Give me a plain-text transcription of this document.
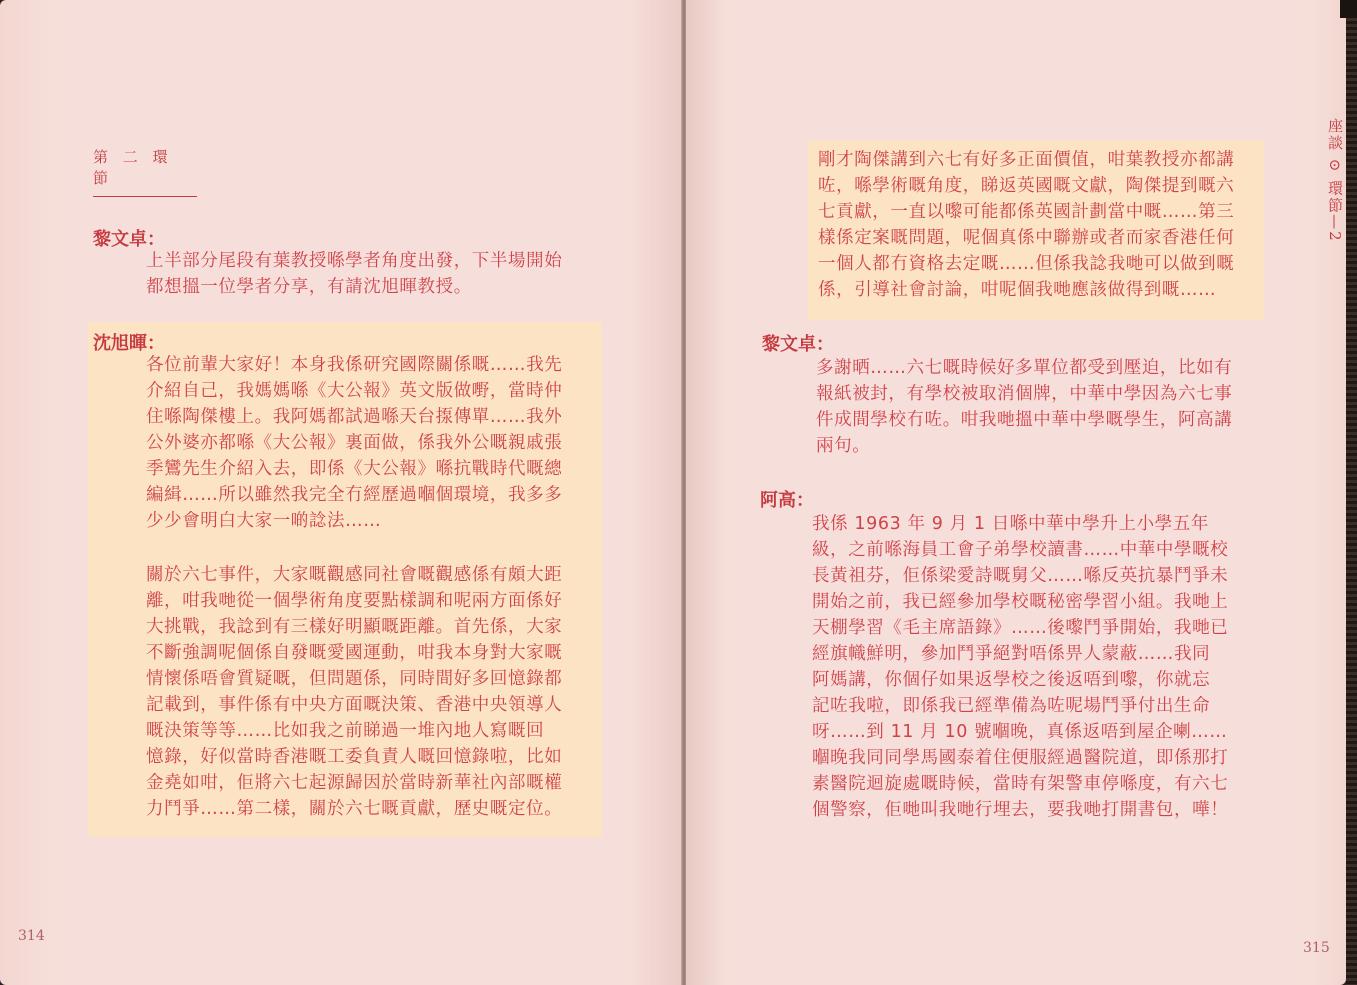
第 二 環 節
黎文卓：

上半部分尾段有葉教授喺學者角度出發，下半場開始
都想搵一位學者分享，有請沈旭暉教授。

沈旭暉：

各位前輩大家好！本身我係研究國際關係嘅……我先
介紹自己，我媽媽喺《大公報》英文版做嘢，當時仲
住喺陶傑樓上。我阿媽都試過喺天台揼傳單……我外
公外婆亦都喺《大公報》裏面做，係我外公嘅親戚張
季鸞先生介紹入去，即係《大公報》喺抗戰時代嘅總
編緝……所以雖然我完全冇經歷過嗰個環境，我多多
少少會明白大家一啲諗法……

關於六七事件，大家嘅觀感同社會嘅觀感係有頗大距
離，咁我哋從一個學術角度要點樣調和呢兩方面係好
大挑戰，我諗到有三樣好明顯嘅距離。首先係，大家
不斷強調呢個係自發嘅愛國運動，咁我本身對大家嘅
情懷係唔會質疑嘅，但問題係，同時間好多回憶錄都
記載到，事件係有中央方面嘅決策、香港中央領導人
嘅決策等等……比如我之前睇過一堆內地人寫嘅回
憶錄，好似當時香港嘅工委負責人嘅回憶錄啦，比如
金堯如咁，佢將六七起源歸因於當時新華社內部嘅權
力鬥爭……第二樣，關於六七嘅貢獻，歷史嘅定位。

314

剛才陶傑講到六七有好多正面價值，咁葉教授亦都講
咗，喺學術嘅角度，睇返英國嘅文獻，陶傑提到嘅六
七貢獻，一直以嚟可能都係英國計劃當中嘅……第三
樣係定案嘅問題，呢個真係中聯辦或者而家香港任何
一個人都冇資格去定嘅……但係我諗我哋可以做到嘅
係，引導社會討論，咁呢個我哋應該做得到嘅……

黎文卓：

多謝晒……六七嘅時候好多單位都受到壓迫，比如有
報紙被封，有學校被取消個牌，中華中學因為六七事
件成間學校冇咗。咁我哋搵中華中學嘅學生，阿高講
兩句。

阿高：

我係 1963 年 9 月 1 日喺中華中學升上小學五年
級，之前喺海員工會子弟學校讀書……中華中學嘅校
長黃祖芬，佢係梁愛詩嘅舅父……喺反英抗暴鬥爭未
開始之前，我已經參加學校嘅秘密學習小組。我哋上
天棚學習《毛主席語錄》……後嚟鬥爭開始，我哋已
經旗幟鮮明，參加鬥爭絕對唔係畀人蒙蔽……我同
阿媽講，你個仔如果返學校之後返唔到嚟，你就忘
記咗我啦，即係我已經準備為咗呢場鬥爭付出生命
呀……到 11 月 10 號嗰晚，真係返唔到屋企喇……
嗰晚我同同學馬國泰着住便服經過醫院道，即係那打
素醫院迴旋處嘅時候，當時有架警車停喺度，有六七
個警察，佢哋叫我哋行埋去，要我哋打開書包，嘩！

315
座談 ⊙ 環節—2
